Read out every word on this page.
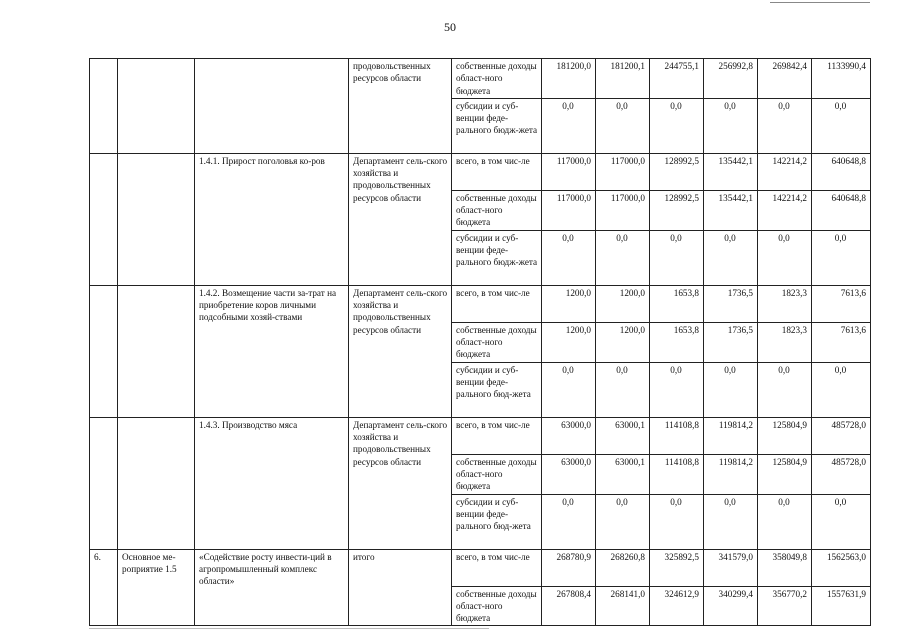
50
			продовольственных ресурсов области	собственные доходы област-ного бюджета	181200,0	181200,1	244755,1	256992,8	269842,4	1133990,4
				субсидии и суб-венции феде-рального бюдж-жета	0,0	0,0	0,0	0,0	0,0	0,0
		1.4.1. Прирост поголовья ко-ров	Департамент сель-ского хозяйства и продовольственных ресурсов области	всего, в том чис-ле	117000,0	117000,0	128992,5	135442,1	142214,2	640648,8
				собственные доходы област-ного бюджета	117000,0	117000,0	128992,5	135442,1	142214,2	640648,8
				субсидии и суб-венции феде-рального бюдж-жета	0,0	0,0	0,0	0,0	0,0	0,0
		1.4.2. Возмещение части за-трат на приобретение коров личными подсобными хозяй-ствами	Департамент сель-ского хозяйства и продовольственных ресурсов области	всего, в том чис-ле	1200,0	1200,0	1653,8	1736,5	1823,3	7613,6
				собственные доходы област-ного бюджета	1200,0	1200,0	1653,8	1736,5	1823,3	7613,6
				субсидии и суб-венции феде-рального бюд-жета	0,0	0,0	0,0	0,0	0,0	0,0
		1.4.3. Производство мяса	Департамент сель-ского хозяйства и продовольственных ресурсов области	всего, в том чис-ле	63000,0	63000,1	114108,8	119814,2	125804,9	485728,0
				собственные доходы област-ного бюджета	63000,0	63000,1	114108,8	119814,2	125804,9	485728,0
				субсидии и суб-венции феде-рального бюд-жета	0,0	0,0	0,0	0,0	0,0	0,0
6.	Основное ме-роприятие 1.5	«Содействие росту инвести-ций в агропромышленный комплекс области»	итого	всего, в том чис-ле	268780,9	268260,8	325892,5	341579,0	358049,8	1562563,0
				собственные доходы област-ного бюджета	267808,4	268141,0	324612,9	340299,4	356770,2	1557631,9
